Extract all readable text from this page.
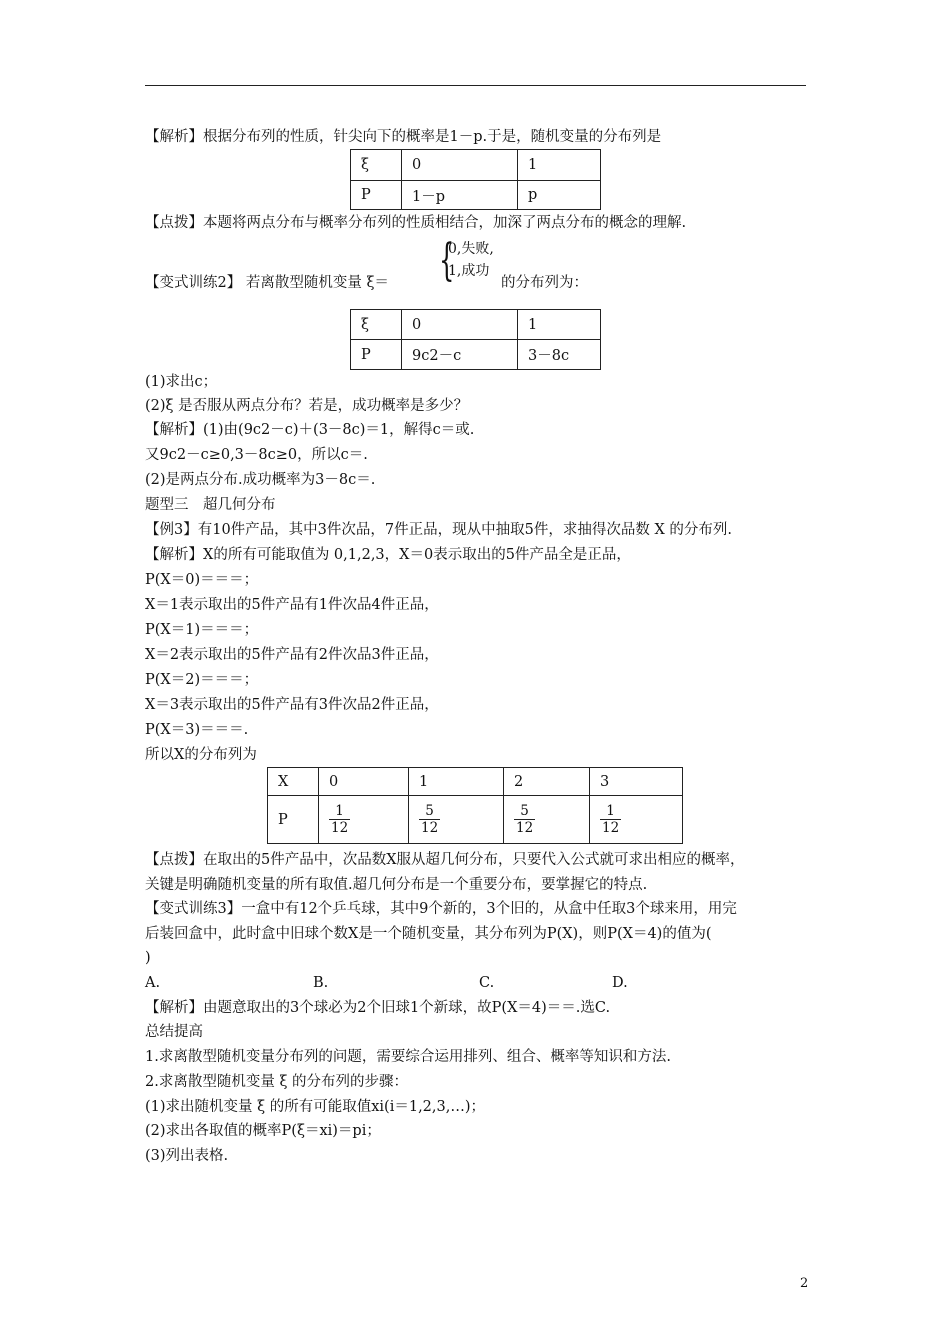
【解析】根据分布列的性质，针尖向下的概率是1－p.于是，随机变量的分布列是
ξ	0	1
P	1－p	p
【点拨】本题将两点分布与概率分布列的性质相结合，加深了两点分布的概念的理解.
【变式训练2】 若离散型随机变量 ξ＝ {
0,失败,
1,成功
的分布列为：
ξ	0	1
P	9c2－c	3－8c
(1)求出c；
(2)ξ 是否服从两点分布？若是，成功概率是多少？
【解析】(1)由(9c2－c)＋(3－8c)＝1，解得c＝或.
又9c2－c≥0,3－8c≥0，所以c＝.
(2)是两点分布.成功概率为3－8c＝.
题型三　超几何分布
【例3】有10件产品，其中3件次品，7件正品，现从中抽取5件，求抽得次品数 X 的分布列.
【解析】X的所有可能取值为 0,1,2,3，X＝0表示取出的5件产品全是正品，
P(X＝0)＝＝＝；
X＝1表示取出的5件产品有1件次品4件正品，
P(X＝1)＝＝＝；
X＝2表示取出的5件产品有2件次品3件正品，
P(X＝2)＝＝＝；
X＝3表示取出的5件产品有3件次品2件正品，
P(X＝3)＝＝＝.
所以X的分布列为
X	0	1	2	3
P	$\frac{1}{12}$	$\frac{5}{12}$	$\frac{5}{12}$	$\frac{1}{12}$
【点拨】在取出的5件产品中，次品数X服从超几何分布，只要代入公式就可求出相应的概率，
关键是明确随机变量的所有取值.超几何分布是一个重要分布，要掌握它的特点.
【变式训练3】一盒中有12个乒乓球，其中9个新的，3个旧的，从盒中任取3个球来用，用完
后装回盒中，此时盒中旧球个数X是一个随机变量，其分布列为P(X)，则P(X＝4)的值为(
)
A.	B.	C.	D.
【解析】由题意取出的3个球必为2个旧球1个新球，故P(X＝4)＝＝.选C.
总结提高
1.求离散型随机变量分布列的问题，需要综合运用排列、组合、概率等知识和方法.
2.求离散型随机变量 ξ 的分布列的步骤：
(1)求出随机变量 ξ 的所有可能取值xi(i＝1,2,3,…)；
(2)求出各取值的概率P(ξ＝xi)＝pi；
(3)列出表格.
2
